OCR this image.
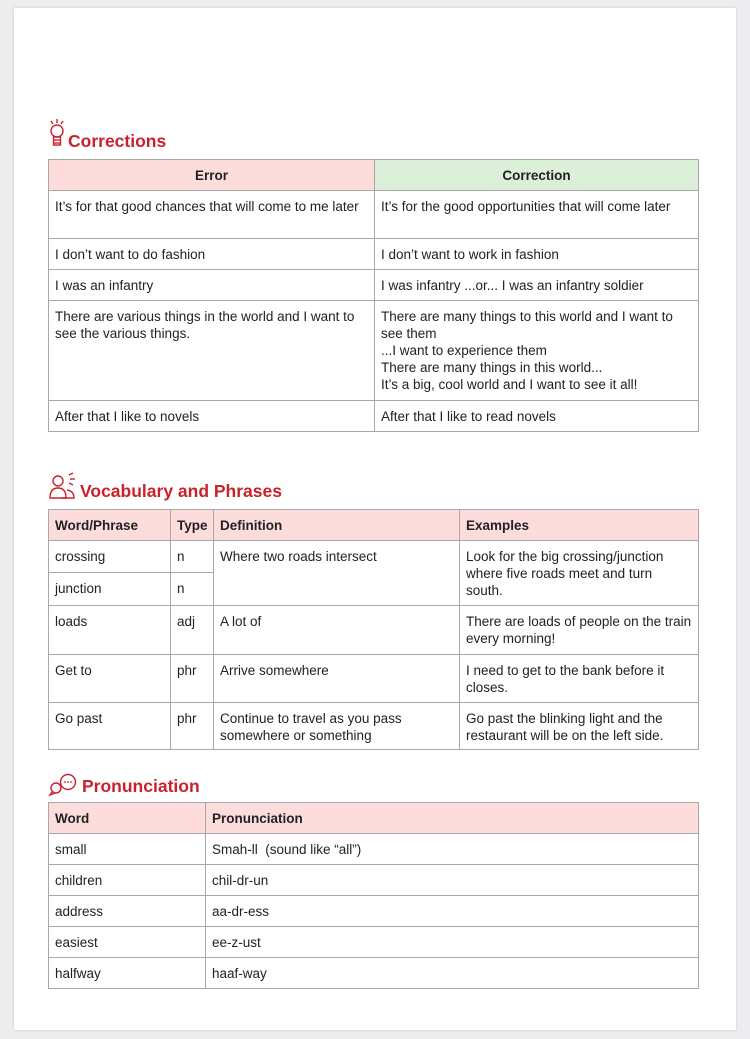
Corrections
Error	Correction
It’s for that good chances that will come to me later	It’s for the good opportunities that will come later

I don’t want to do fashion	I don’t want to work in fashion

I was an infantry	I was infantry ...or... I was an infantry soldier

There are various things in the world and I want to see the various things.	There are many things to this world and I want to see them
...I want to experience them
There are many things in this world...
It’s a big, cool world and I want to see it all!

After that I like to novels	After that I like to read novels
Vocabulary and Phrases
Word/Phrase	Type	Definition	Examples
crossing	n	Where two roads intersect	Look for the big crossing/junction where five roads meet and turn south.
junction	n		
loads	adj	A lot of	There are loads of people on the train every morning!
Get to	phr	Arrive somewhere	I need to get to the bank before it closes.
Go past	phr	Continue to travel as you pass somewhere or something	Go past the blinking light and the restaurant will be on the left side.
Pronunciation
Word	Pronunciation
small	Smah-ll  (sound like “all”)
children	chil-dr-un
address	aa-dr-ess
easiest	ee-z-ust
halfway	haaf-way
